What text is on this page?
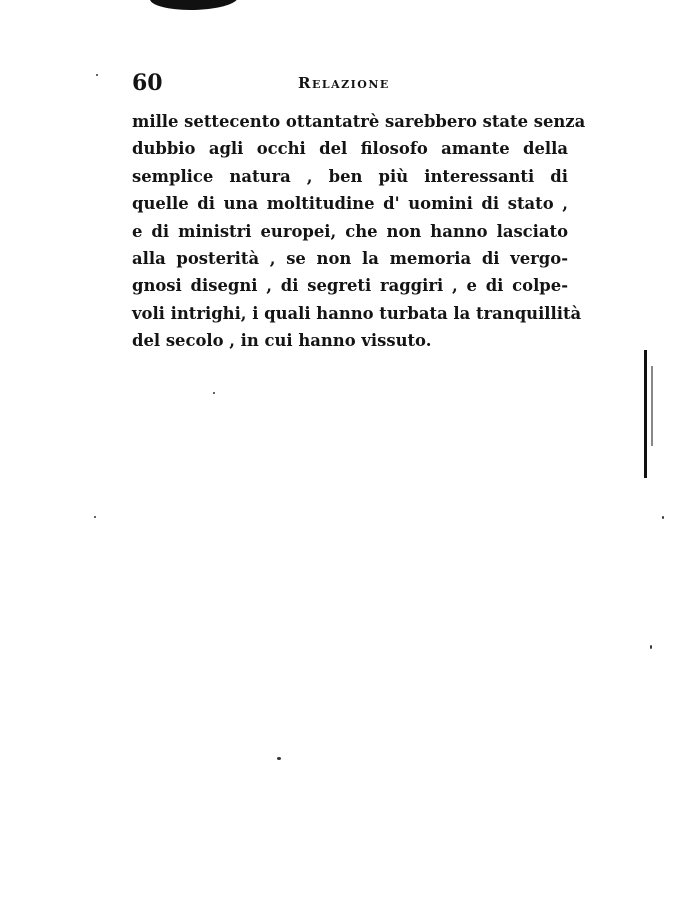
60	Relazione
mille settecento ottantatrè sarebbero state senza
dubbio agli occhi del filosofo amante della
semplice natura , ben più interessanti di
quelle di una moltitudine d' uomini di stato ,
e di ministri europei, che non hanno lasciato
alla posterità , se non la memoria di vergo-
gnosi disegni , di segreti raggiri , e di colpe-
voli intrighi, i quali hanno turbata la tranquillità
del secolo , in cui hanno vissuto.
